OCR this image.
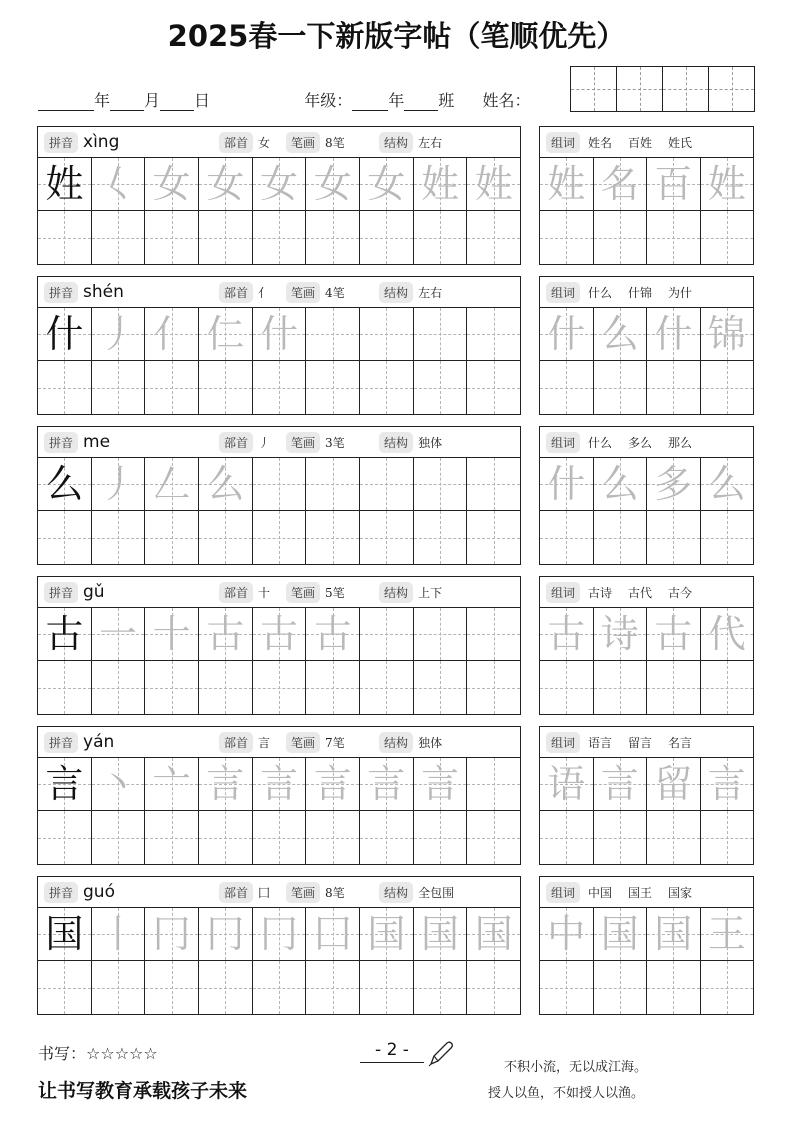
2025春一下新版字帖（笔顺优先）
年 月 日	年级： 年 班 姓名：
拼音 xìng	部首 女	笔画 8笔	结构 左右
姓 𡿨 女 女 女 女 女 姓 姓
组词	姓名 百姓 姓氏
姓 名 百 姓
拼音 shén	部首 亻	笔画 4笔	结构 左右
什 丿 亻 仁 什
组词	什么 什锦 为什
什 么 什 锦
拼音 me	部首 丿	笔画 3笔	结构 独体
么 丿 𠃋 么
组词	什么 多么 那么
什 么 多 么
拼音 gǔ	部首 十	笔画 5笔	结构 上下
古 一 十 古 古 古
组词	古诗 古代 古今
古 诗 古 代
拼音 yán	部首 言	笔画 7笔	结构 独体
言 丶 亠 言 言 言 言 言
组词	语言 留言 名言
语 言 留 言
拼音 guó	部首 囗	笔画 8笔	结构 全包围
国 丨 冂 冂 冂 囗 国 国 国
组词	中国 国王 国家
中 国 国 王
书写：☆☆☆☆☆
让书写教育承载孩子未来
- 2 -
不积小流，无以成江海。
授人以鱼，不如授人以渔。
